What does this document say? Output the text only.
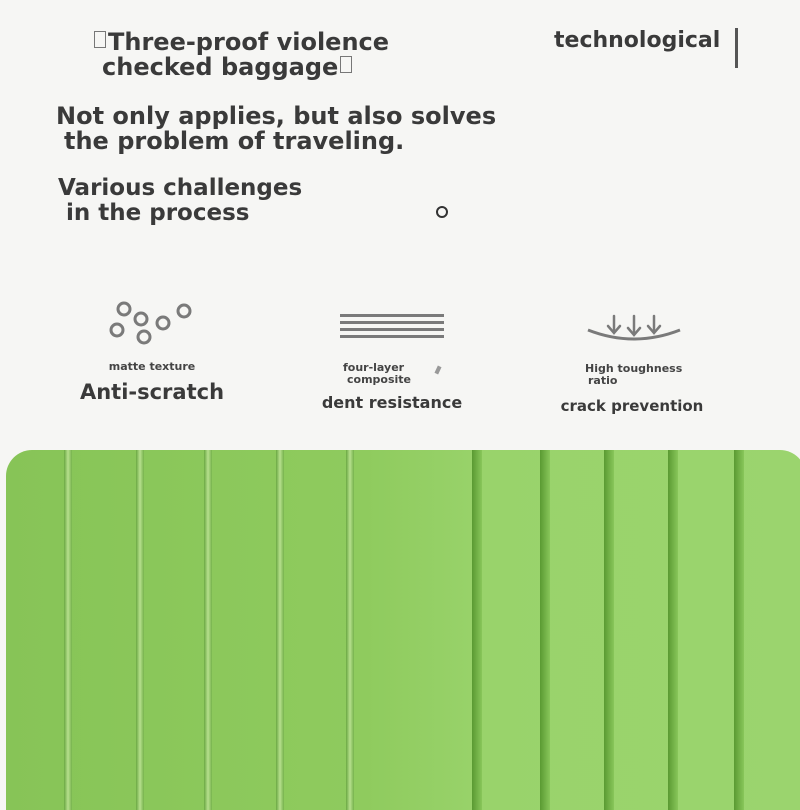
Three-proof violence
checked baggage
technological
Not only applies, but also solves
the problem of traveling.
Various challenges
in the process
matte texture
Anti-scratch
four-layer
composite
dent resistance
High toughness
ratio
crack prevention
